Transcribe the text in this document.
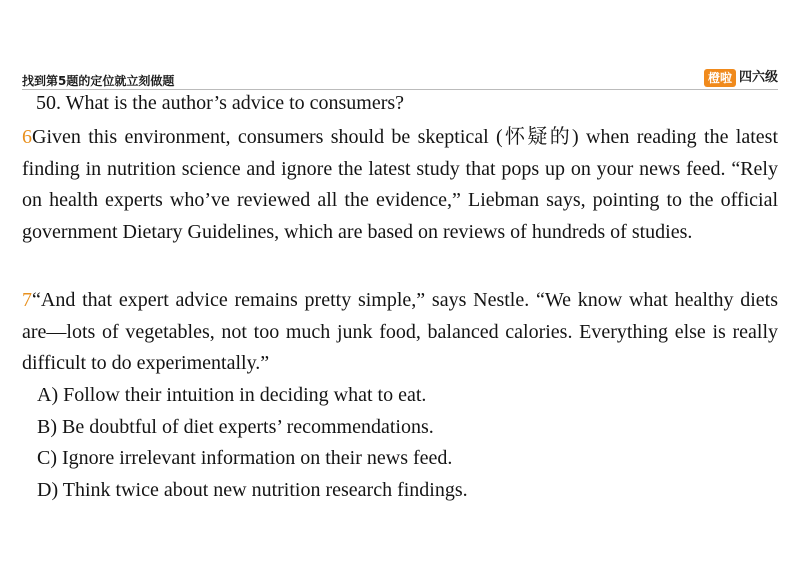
找到第5题的定位就立刻做题	橙啦 四六级
50. What is the author’s advice to consumers?

6Given this environment, consumers should be skeptical (怀疑的) when reading the latest finding in nutrition science and ignore the latest study that pops up on your news feed. “Rely on health experts who’ve reviewed all the evidence,” Liebman says, pointing to the official government Dietary Guidelines, which are based on reviews of hundreds of studies.

7“And that expert advice remains pretty simple,” says Nestle. “We know what healthy diets are—lots of vegetables, not too much junk food, balanced calories. Everything else is really difficult to do experimentally.”

A) Follow their intuition in deciding what to eat.
B) Be doubtful of diet experts’ recommendations.
C) Ignore irrelevant information on their news feed.
D) Think twice about new nutrition research findings.
